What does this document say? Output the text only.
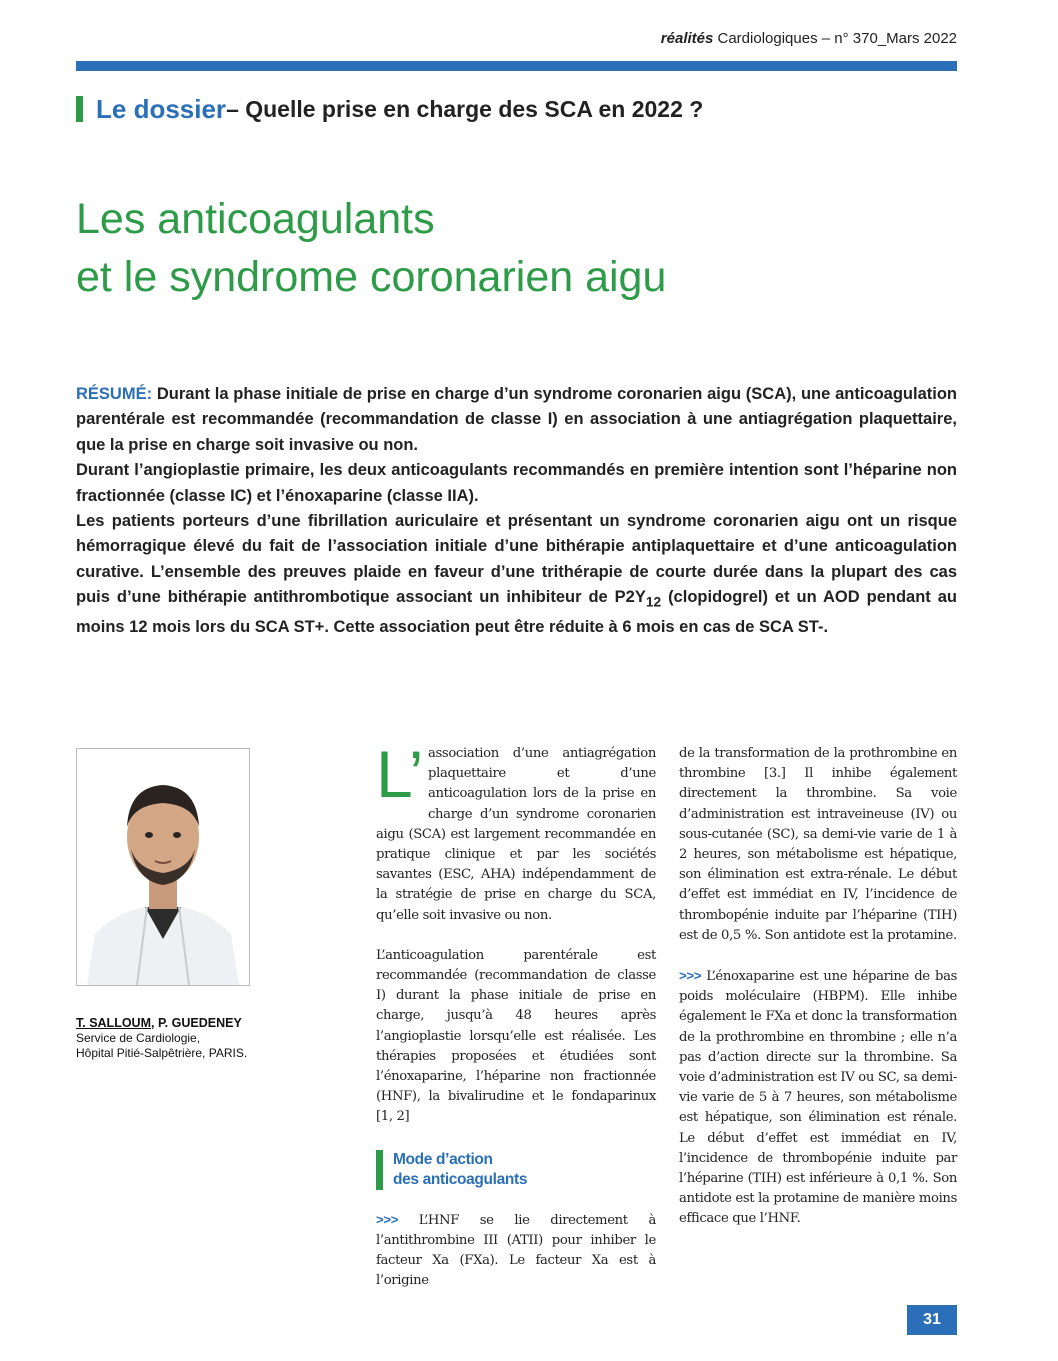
réalités Cardiologiques – n° 370_Mars 2022
Le dossier – Quelle prise en charge des SCA en 2022 ?
Les anticoagulants
et le syndrome coronarien aigu

RÉSUMÉ: Durant la phase initiale de prise en charge d’un syndrome coronarien aigu (SCA), une anticoagulation parentérale est recommandée (recommandation de classe I) en association à une antiagrégation plaquettaire, que la prise en charge soit invasive ou non.

Durant l’angioplastie primaire, les deux anticoagulants recommandés en première intention sont l’héparine non fractionnée (classe IC) et l’énoxaparine (classe IIA).

Les patients porteurs d’une fibrillation auriculaire et présentant un syndrome coronarien aigu ont un risque hémorragique élevé du fait de l’association initiale d’une bithérapie antiplaquettaire et d’une anticoagulation curative. L’ensemble des preuves plaide en faveur d’une trithérapie de courte durée dans la plupart des cas puis d’une bithérapie antithrombotique associant un inhibiteur de $P2Y_{12}$ (clopidogrel) et un AOD pendant au moins 12 mois lors du SCA ST+. Cette association peut être réduite à 6 mois en cas de SCA ST-.

T. SALLOUM, P. GUEDENEY
Service de Cardiologie,
Hôpital Pitié-Salpêtrière, PARIS.

L’ association d’une antiagrégation plaquettaire et d’une anticoagulation lors de la prise en charge d’un syndrome coronarien aigu (SCA) est largement recommandée en pratique clinique et par les sociétés savantes (ESC, AHA) indépendamment de la stratégie de prise en charge du SCA, qu’elle soit invasive ou non.

L’anticoagulation parentérale est recommandée (recommandation de classe I) durant la phase initiale de prise en charge, jusqu’à 48 heures après l’angioplastie lorsqu’elle est réalisée. Les thérapies proposées et étudiées sont l’énoxaparine, l’héparine non fractionnée (HNF), la bivalirudine et le fondaparinux [1, 2]

Mode d’action
des anticoagulants

>>> L’HNF se lie directement à l’antithrombine III (ATII) pour inhiber le facteur Xa (FXa). Le facteur Xa est à l’origine

de la transformation de la prothrombine en thrombine [3.] Il inhibe également directement la thrombine. Sa voie d’administration est intraveineuse (IV) ou sous-cutanée (SC), sa demi-vie varie de 1 à 2 heures, son métabolisme est hépatique, son élimination est extra-rénale. Le début d’effet est immédiat en IV, l’incidence de thrombopénie induite par l’héparine (TIH) est de 0,5 %. Son antidote est la protamine.

>>> L’énoxaparine est une héparine de bas poids moléculaire (HBPM). Elle inhibe également le FXa et donc la transformation de la prothrombine en thrombine ; elle n’a pas d’action directe sur la thrombine. Sa voie d’administration est IV ou SC, sa demi-vie varie de 5 à 7 heures, son métabolisme est hépatique, son élimination est rénale. Le début d’effet est immédiat en IV, l’incidence de thrombopénie induite par l’héparine (TIH) est inférieure à 0,1 %. Son antidote est la protamine de manière moins efficace que l’HNF.

31
